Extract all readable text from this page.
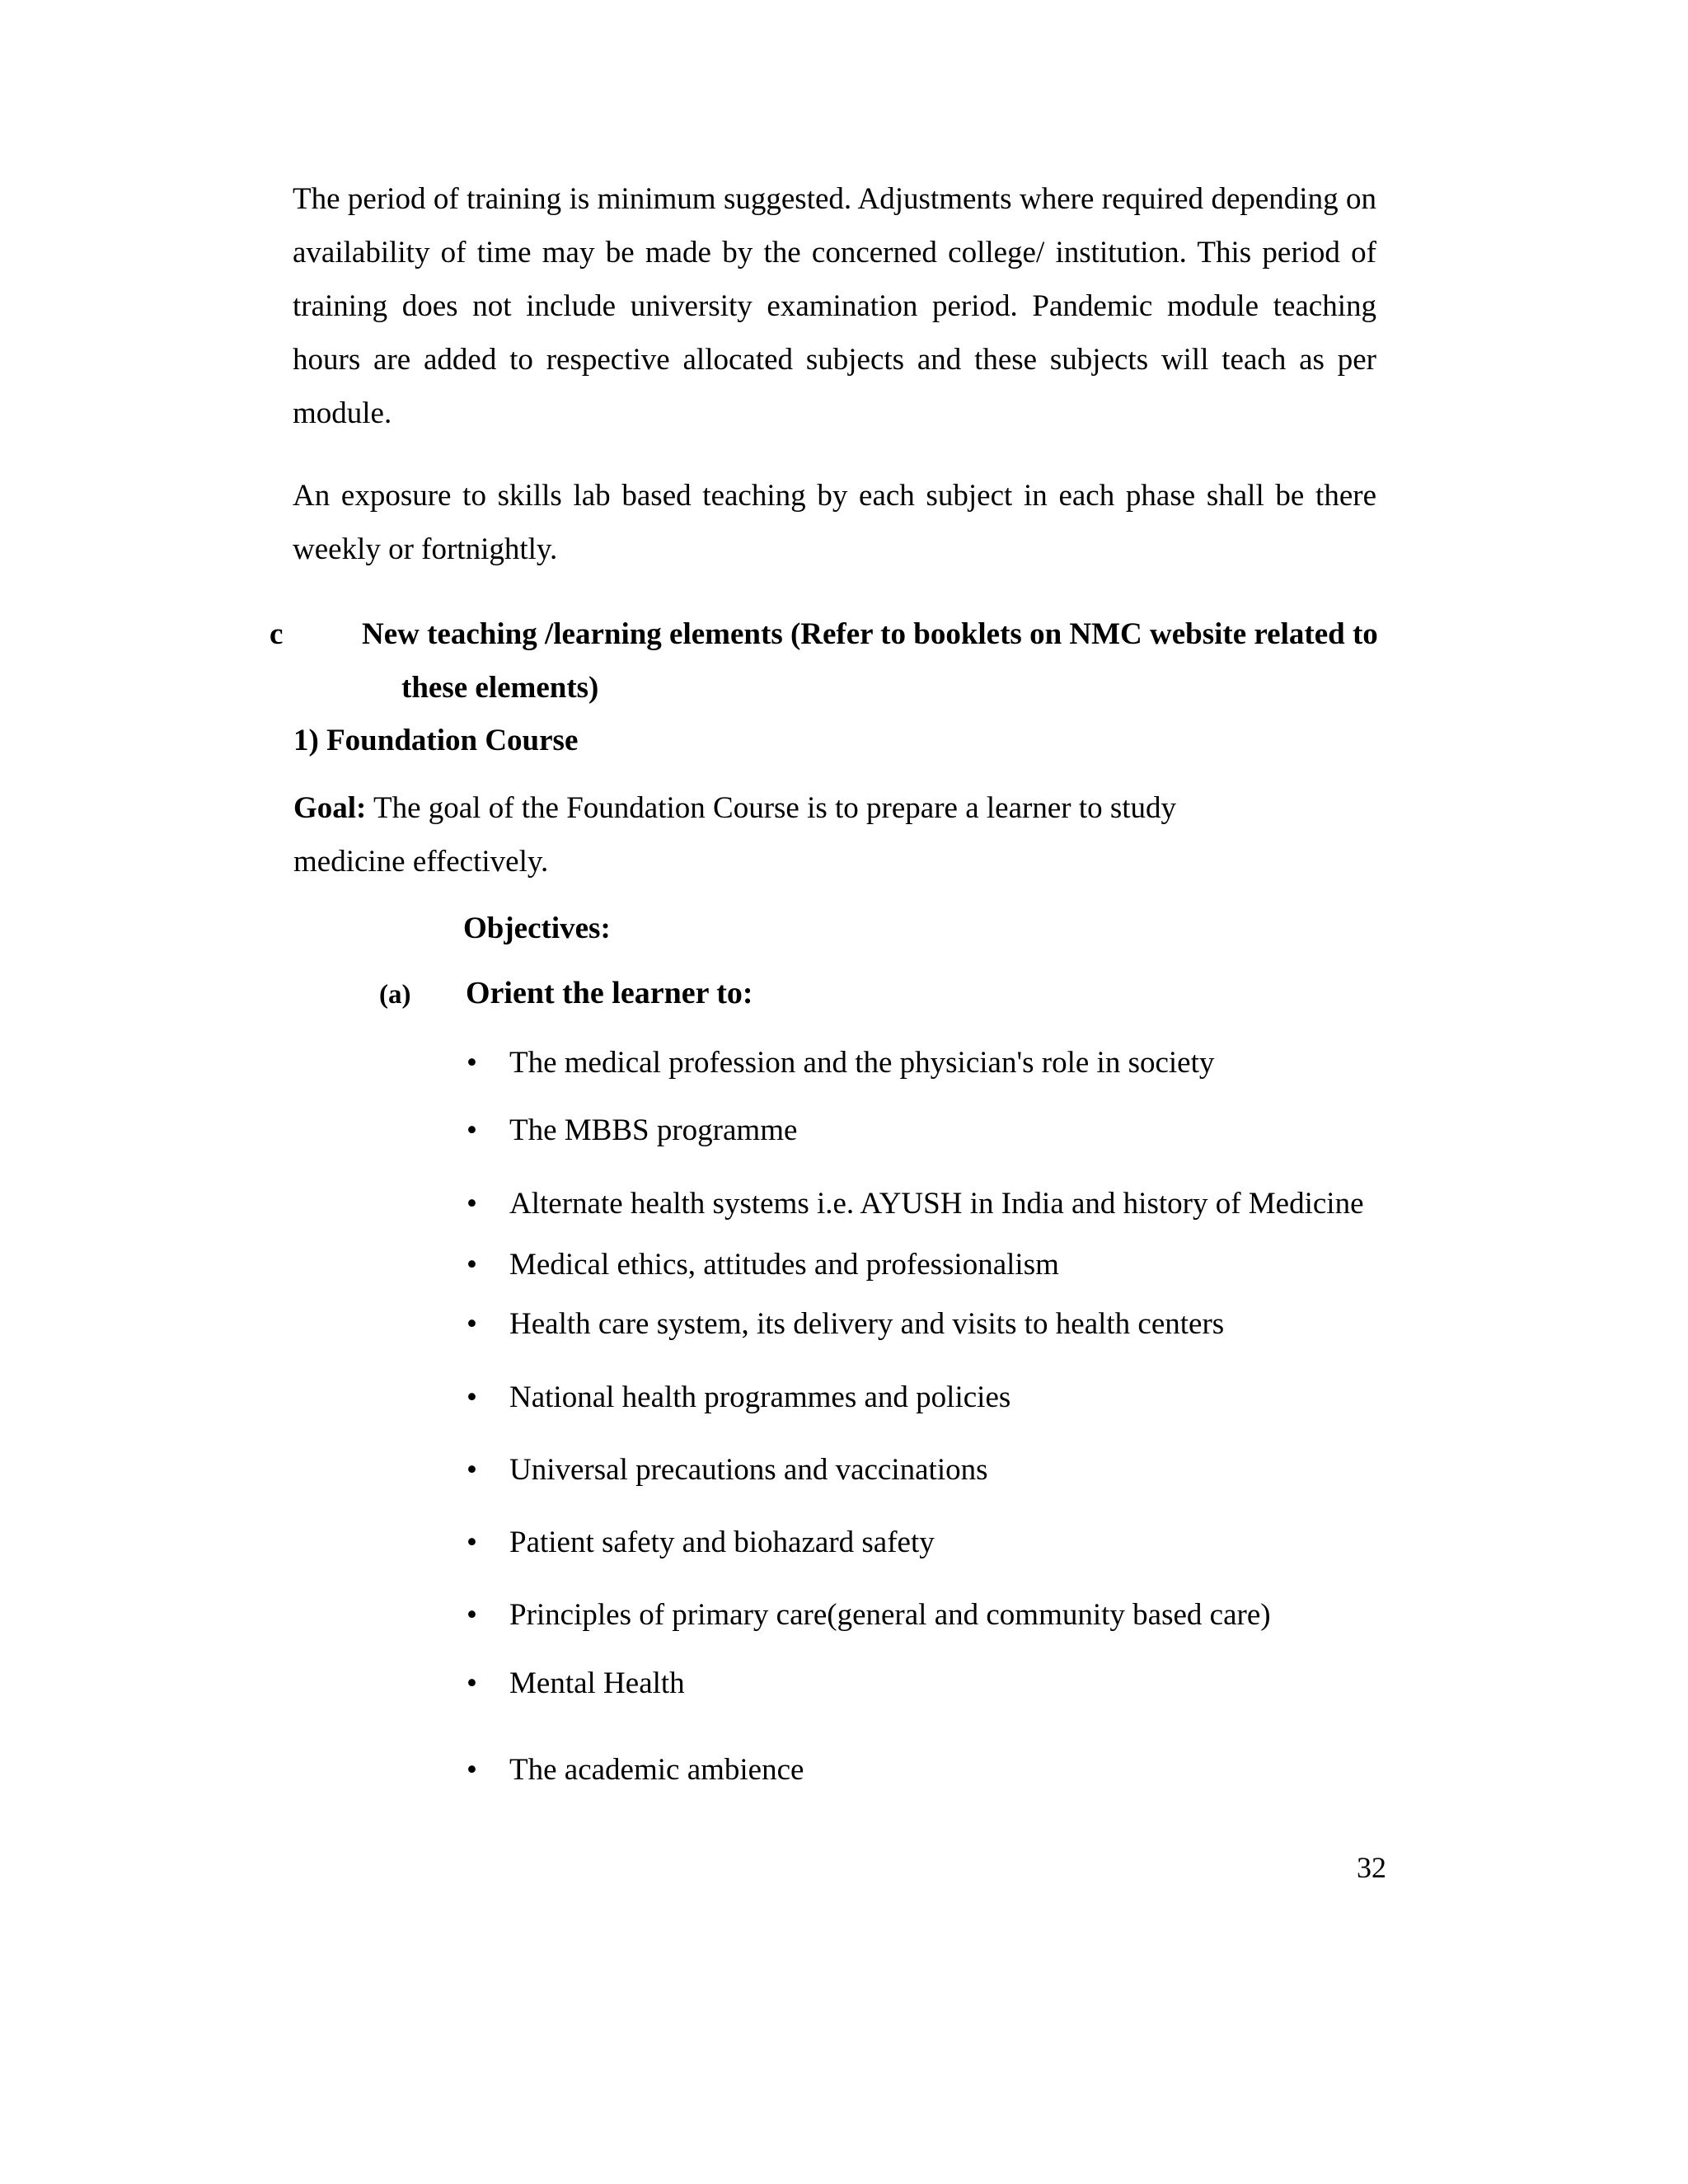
The period of training is minimum suggested. Adjustments where required depending on availability of time may be made by the concerned college/ institution. This period of training does not include university examination period. Pandemic module teaching hours are added to respective allocated subjects and these subjects will teach as per module.

An exposure to skills lab based teaching by each subject in each phase shall be there weekly or fortnightly.

c	New teaching /learning elements (Refer to booklets on NMC website related to
these elements)

1) Foundation Course

Goal: The goal of the Foundation Course is to prepare a learner to study
medicine effectively.

Objectives:
(a) Orient the learner to:
• The medical profession and the physician's role in society
• The MBBS programme
• Alternate health systems i.e. AYUSH in India and history of Medicine
• Medical ethics, attitudes and professionalism
• Health care system, its delivery and visits to health centers
• National health programmes and policies
• Universal precautions and vaccinations
• Patient safety and biohazard safety
• Principles of primary care(general and community based care)
• Mental Health
• The academic ambience
32
